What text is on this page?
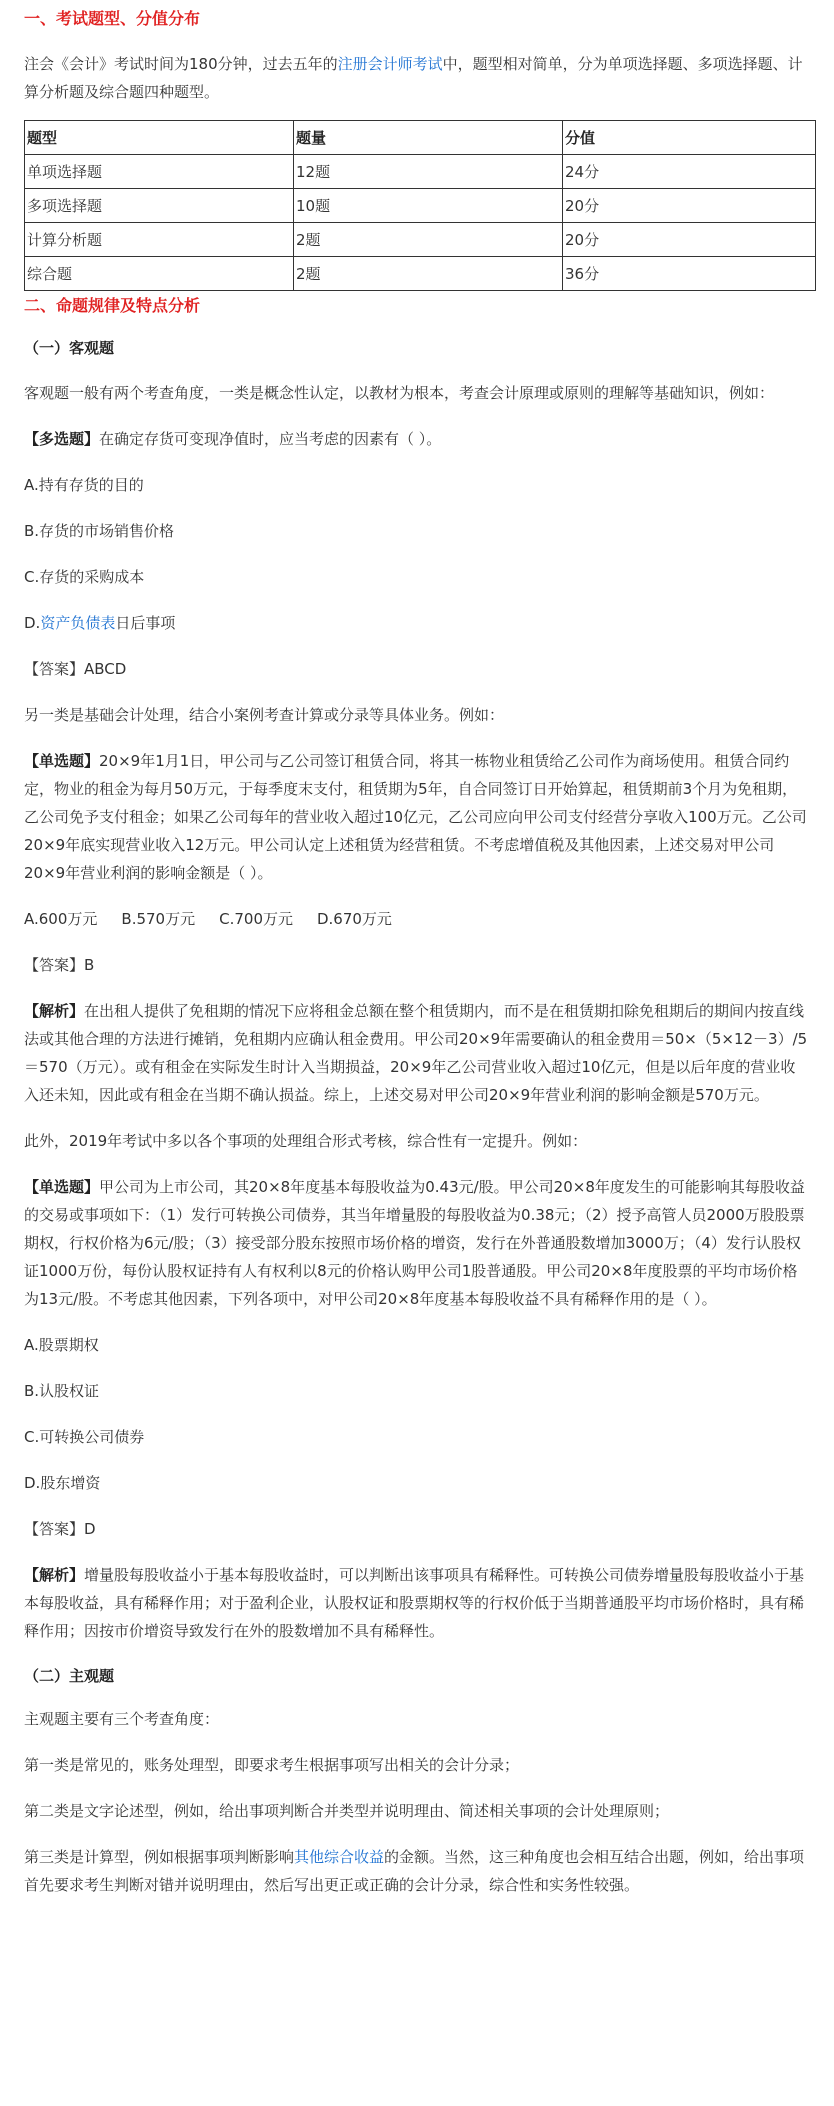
一、考试题型、分值分布

注会《会计》考试时间为180分钟，过去五年的注册会计师考试中，题型相对简单，分为单项选择题、多项选择题、计算分析题及综合题四种题型。

题型	题量	分值
单项选择题	12题	24分
多项选择题	10题	20分
计算分析题	2题	20分
综合题	2题	36分
二、命题规律及特点分析
（一）客观题

客观题一般有两个考查角度，一类是概念性认定，以教材为根本，考查会计原理或原则的理解等基础知识，例如：

【多选题】在确定存货可变现净值时，应当考虑的因素有（ ）。

A.持有存货的目的

B.存货的市场销售价格

C.存货的采购成本

D.资产负债表日后事项

【答案】ABCD

另一类是基础会计处理，结合小案例考查计算或分录等具体业务。例如：

【单选题】20×9年1月1日，甲公司与乙公司签订租赁合同，将其一栋物业租赁给乙公司作为商场使用。租赁合同约定，物业的租金为每月50万元，于每季度末支付，租赁期为5年，自合同签订日开始算起，租赁期前3个月为免租期，乙公司免予支付租金；如果乙公司每年的营业收入超过10亿元，乙公司应向甲公司支付经营分享收入100万元。乙公司20×9年底实现营业收入12万元。甲公司认定上述租赁为经营租赁。不考虑增值税及其他因素，上述交易对甲公司20×9年营业利润的影响金额是（ ）。

A.600万元 B.570万元 C.700万元 D.670万元

【答案】B

【解析】在出租人提供了免租期的情况下应将租金总额在整个租赁期内，而不是在租赁期扣除免租期后的期间内按直线法或其他合理的方法进行摊销，免租期内应确认租金费用。甲公司20×9年需要确认的租金费用＝50×（5×12－3）/5＝570（万元）。或有租金在实际发生时计入当期损益，20×9年乙公司营业收入超过10亿元，但是以后年度的营业收入还未知，因此或有租金在当期不确认损益。综上，上述交易对甲公司20×9年营业利润的影响金额是570万元。

此外，2019年考试中多以各个事项的处理组合形式考核，综合性有一定提升。例如：

【单选题】甲公司为上市公司，其20×8年度基本每股收益为0.43元/股。甲公司20×8年度发生的可能影响其每股收益的交易或事项如下：（1）发行可转换公司债券，其当年增量股的每股收益为0.38元；（2）授予高管人员2000万股股票期权，行权价格为6元/股；（3）接受部分股东按照市场价格的增资，发行在外普通股数增加3000万；（4）发行认股权证1000万份，每份认股权证持有人有权利以8元的价格认购甲公司1股普通股。甲公司20×8年度股票的平均市场价格为13元/股。不考虑其他因素，下列各项中，对甲公司20×8年度基本每股收益不具有稀释作用的是（ ）。

A.股票期权

B.认股权证

C.可转换公司债券

D.股东增资

【答案】D

【解析】增量股每股收益小于基本每股收益时，可以判断出该事项具有稀释性。可转换公司债券增量股每股收益小于基本每股收益，具有稀释作用；对于盈利企业，认股权证和股票期权等的行权价低于当期普通股平均市场价格时，具有稀释作用；因按市价增资导致发行在外的股数增加不具有稀释性。

（二）主观题

主观题主要有三个考查角度：

第一类是常见的，账务处理型，即要求考生根据事项写出相关的会计分录；

第二类是文字论述型，例如，给出事项判断合并类型并说明理由、简述相关事项的会计处理原则；

第三类是计算型，例如根据事项判断影响其他综合收益的金额。当然，这三种角度也会相互结合出题，例如，给出事项首先要求考生判断对错并说明理由，然后写出更正或正确的会计分录，综合性和实务性较强。
